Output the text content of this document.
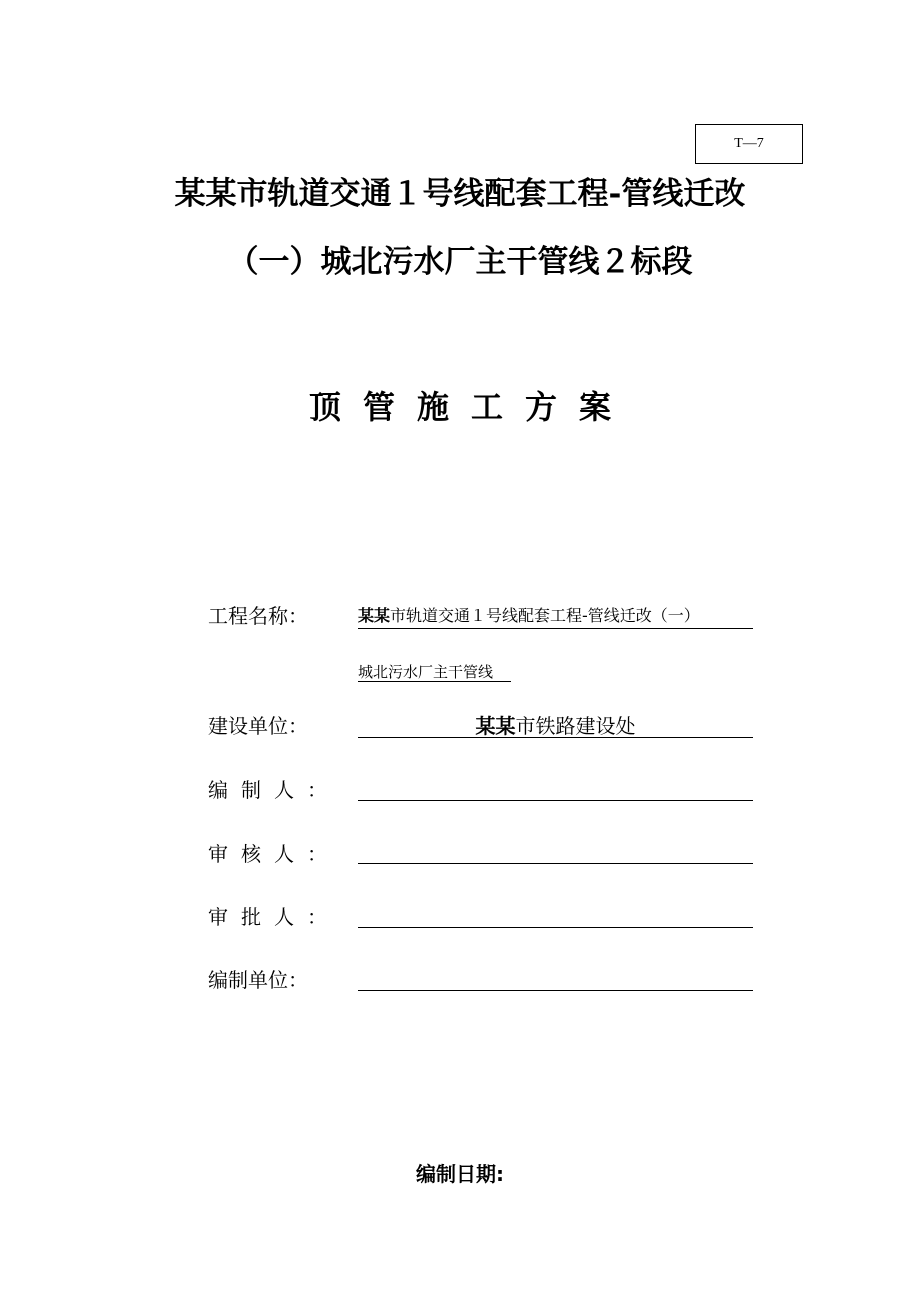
T—7
某某市轨道交通１号线配套工程-管线迁改
（一）城北污水厂主干管线２标段
顶管施工方案
工程名称：	某某市轨道交通１号线配套工程-管线迁改（一）
城北污水厂主干管线
建设单位：	某某市铁路建设处
编制人：
审核人：
审批人：
编制单位：
编制日期:
